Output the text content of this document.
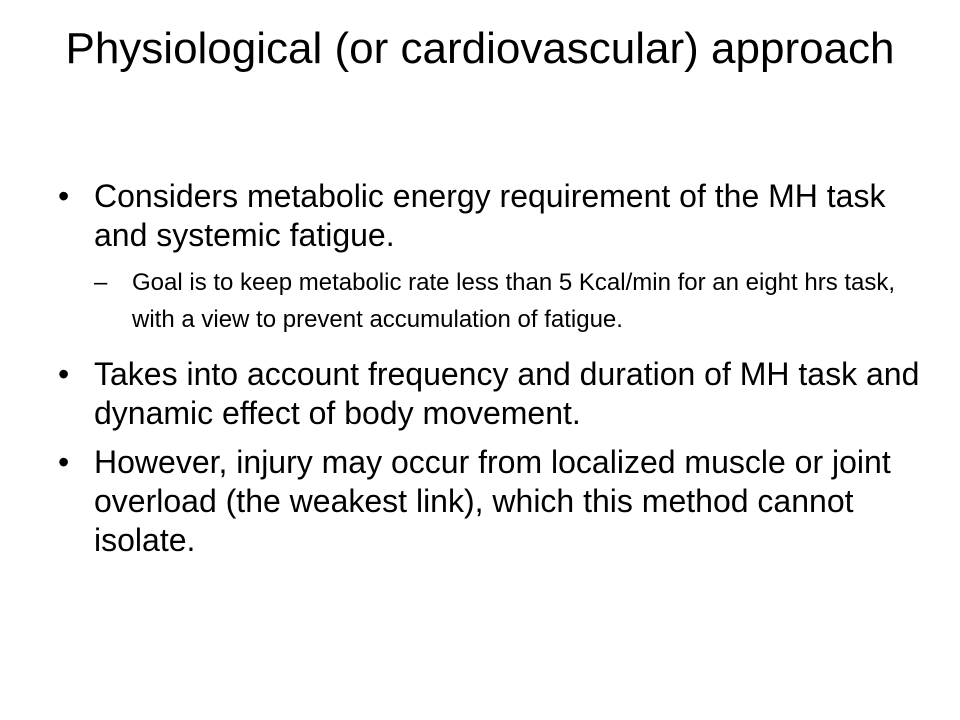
Physiological (or cardiovascular) approach
• Considers metabolic energy requirement of the MH task and systemic fatigue.
–	Goal is to keep metabolic rate less than 5 Kcal/min for an eight hrs task, with a view to prevent accumulation of fatigue.
• Takes into account frequency and duration of MH task and dynamic effect of body movement.
• However, injury may occur from localized muscle or joint overload (the weakest link), which this method cannot isolate.
